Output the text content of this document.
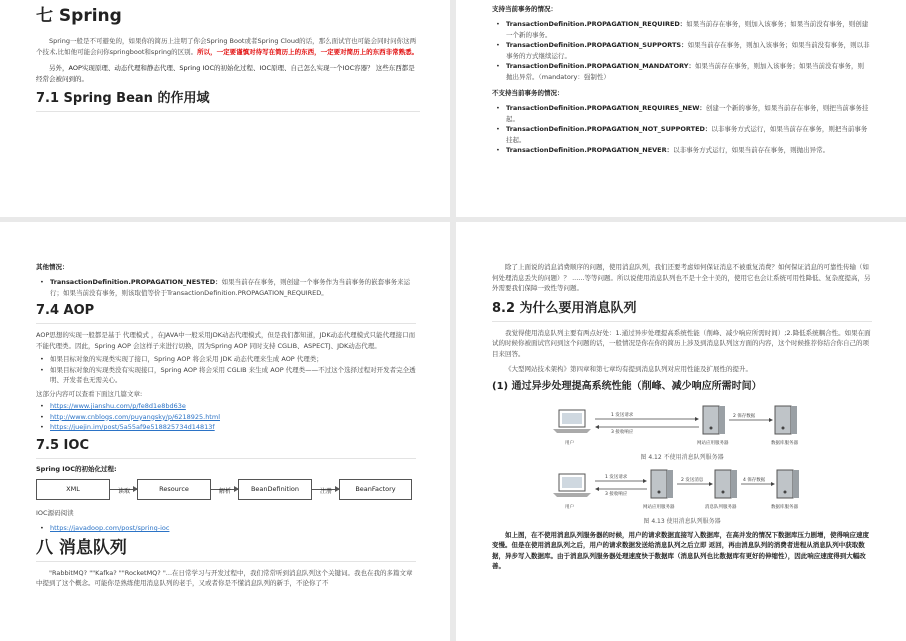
七 Spring

Spring一般是不可避免的，如果你的简历上注明了你会Spring Boot或者Spring Cloud的话，那么面试官也可能会同时问你这两个技术,比如他可能会问你springboot和spring的区别。所以，一定要谨慎对待写在简历上的东西，一定要对简历上的东西非常熟悉。

另外，AOP实现原理、动态代理和静态代理、Spring IOC的初始化过程、IOC原理、自己怎么实现一个IOC容器？ 这些东西都是经常会被问到的。

7.1 Spring Bean 的作用域
支持当前事务的情况：
• TransactionDefinition.PROPAGATION_REQUIRED：如果当前存在事务，则加入该事务；如果当前没有事务，则创建一个新的事务。
• TransactionDefinition.PROPAGATION_SUPPORTS：如果当前存在事务，则加入该事务；如果当前没有事务，则以非事务的方式继续运行。
• TransactionDefinition.PROPAGATION_MANDATORY：如果当前存在事务，则加入该事务；如果当前没有事务，则抛出异常。（mandatory：强制性）
不支持当前事务的情况：
• TransactionDefinition.PROPAGATION_REQUIRES_NEW：创建一个新的事务，如果当前存在事务，则把当前事务挂起。
• TransactionDefinition.PROPAGATION_NOT_SUPPORTED：以非事务方式运行，如果当前存在事务，则把当前事务挂起。
• TransactionDefinition.PROPAGATION_NEVER：以非事务方式运行，如果当前存在事务，则抛出异常。
其他情况：
• TransactionDefinition.PROPAGATION_NESTED：如果当前存在事务，则创建一个事务作为当前事务的嵌套事务来运行；如果当前没有事务，则该取值等价于TransactionDefinition.PROPAGATION_REQUIRED。
7.4 AOP

AOP思想的实现一般都是基于 代理模式 ，在JAVA中一般采用JDK动态代理模式，但是我们都知道，JDK动态代理模式只能代理接口而不能代理类。因此，Spring AOP 会这样子来进行切换，因为Spring AOP 同时支持 CGLIB、ASPECTJ、JDK动态代理。

• 如果目标对象的实现类实现了接口，Spring AOP 将会采用 JDK 动态代理来生成 AOP 代理类；
• 如果目标对象的实现类没有实现接口，Spring AOP 将会采用 CGLIB 来生成 AOP 代理类——不过这个选择过程对开发者完全透明、开发者也无需关心。

这部分内容可以查看下面这几篇文章:

• https://www.jianshu.com/p/fe8d1e8bd63e
• http://www.cnblogs.com/puyangsky/p/6218925.html
• https://juejin.im/post/5a55af9e518825734d14813f
7.5 IOC
Spring IOC的初始化过程:
XML	读取	Resource	解析	BeanDefinition	注册	BeanFactory

IOC源码阅读

• https://javadoop.com/post/spring-ioc
八 消息队列

"RabbitMQ? ""Kafka? ""RocketMQ? "...在日常学习与开发过程中，我们常常听到消息队列这个关键词。我也在我的多篇文章中提到了这个概念。可能你是熟练使用消息队列的老手，又或者你是不懂消息队列的新手，不论你了不

除了上面说的消息消费顺序的问题，使用消息队列，我们还要考虑如何保证消息不被重复消费？如何保证消息的可靠性传输（如何处理消息丢失的问题）？ ......等等问题。所以说使用消息队列也不是十全十美的，使用它也会让系统可用性降低、复杂度提高，另外需要我们保障一致性等问题。

8.2 为什么要用消息队列

我觉得使用消息队列主要有两点好处：1.通过异步处理提高系统性能（削峰、减少响应所需时间）;2.降低系统耦合性。如果在面试的时候你被面试官问到这个问题的话，一般情况是你在你的简历上涉及到消息队列这方面的内容，这个时候推荐你结合你自己的项目来回答。

《大型网站技术架构》第四章和第七章均有提到消息队列对应用性能及扩展性的提升。

(1) 通过异步处理提高系统性能（削峰、减少响应所需时间）
1 发送请求
3 接收响应
2 保存数据
用户	网站应用服务器	数据库服务器
图 4.12 不使用消息队列服务器
1 发送请求
2 发送消息
3 接收响应
4 保存数据
用户	网站应用服务器	消息队列服务器	数据库服务器
图 4.13 使用消息队列服务器

如上图，在不使用消息队列服务器的时候，用户的请求数据直接写入数据库，在高并发的情况下数据库压力剧增，使得响应速度变慢。但是在使用消息队列之后，用户的请求数据发送给消息队列之后立即 返回，再由消息队列的消费者进程从消息队列中获取数据，异步写入数据库。由于消息队列服务器处理速度快于数据库（消息队列也比数据库有更好的伸缩性），因此响应速度得到大幅改善。
